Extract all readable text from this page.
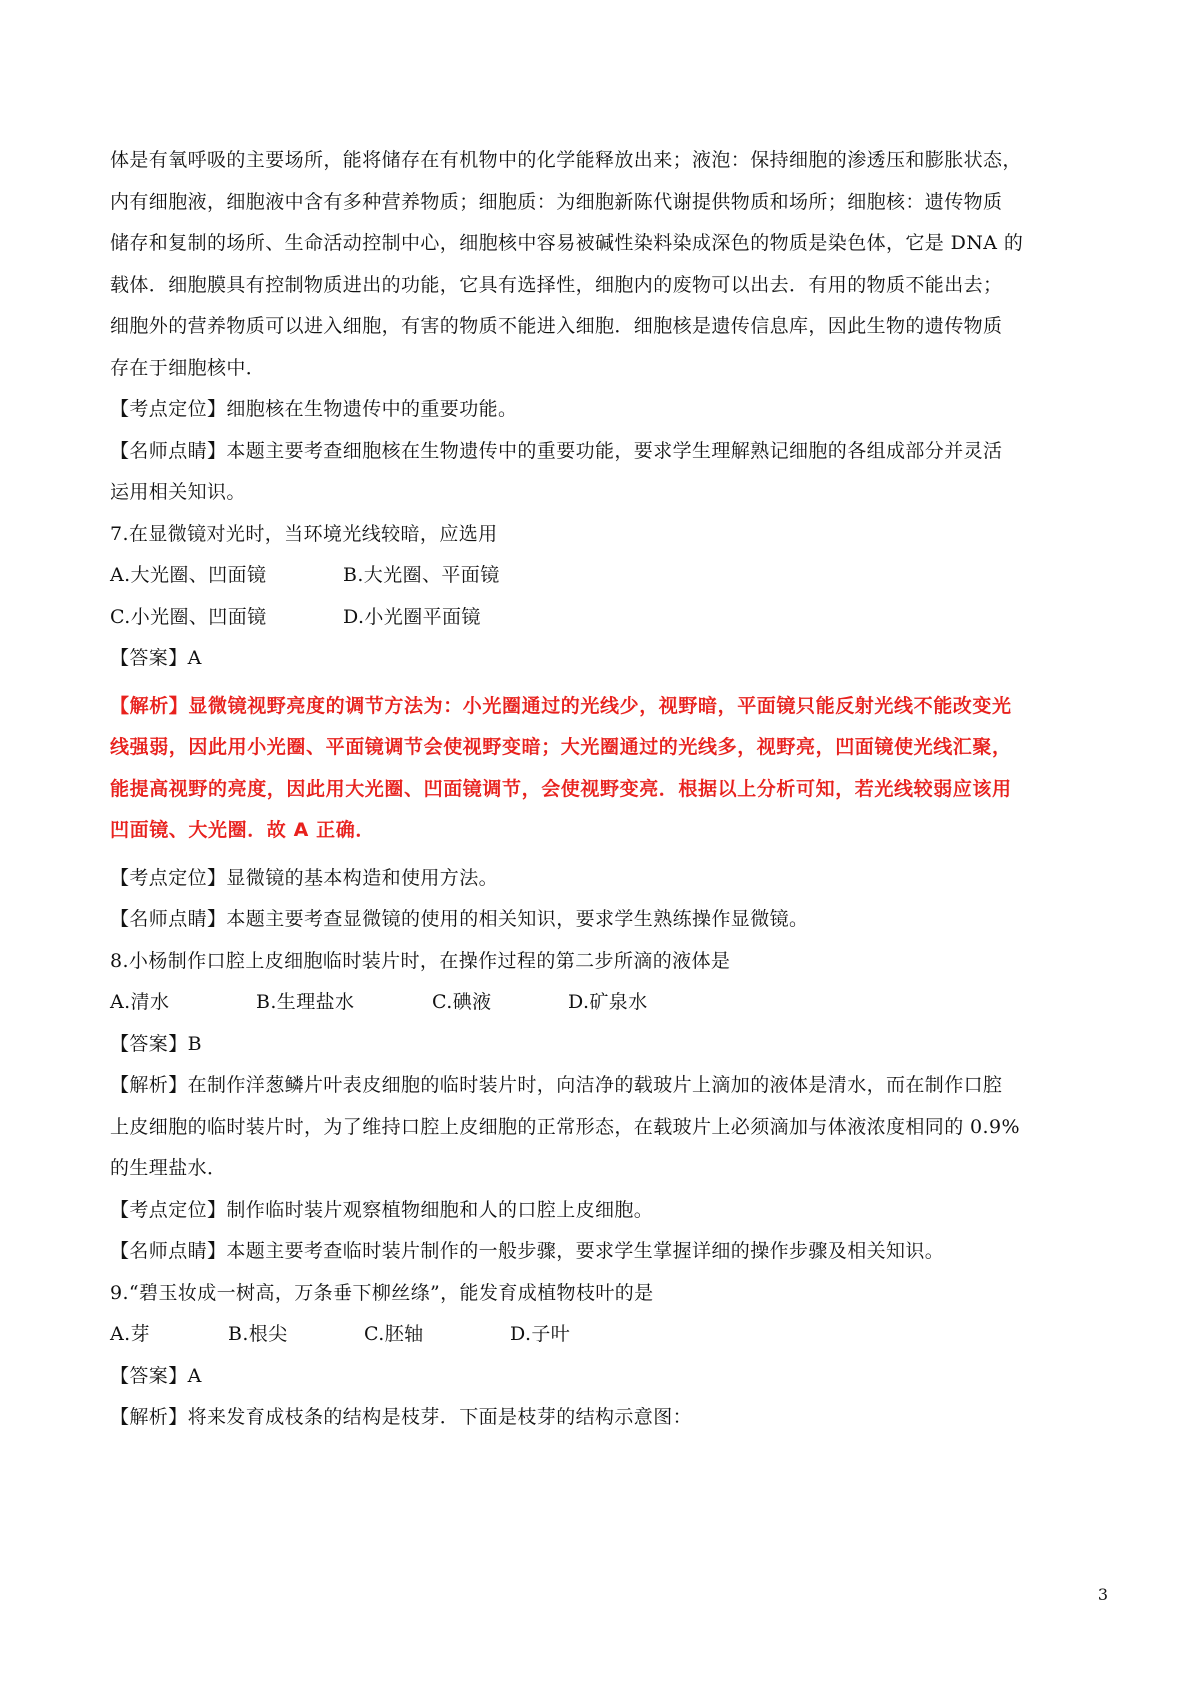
体是有氧呼吸的主要场所，能将储存在有机物中的化学能释放出来；液泡：保持细胞的渗透压和膨胀状态，
内有细胞液，细胞液中含有多种营养物质；细胞质：为细胞新陈代谢提供物质和场所；细胞核：遗传物质
储存和复制的场所、生命活动控制中心，细胞核中容易被碱性染料染成深色的物质是染色体，它是 DNA 的
载体．细胞膜具有控制物质进出的功能，它具有选择性，细胞内的废物可以出去．有用的物质不能出去；
细胞外的营养物质可以进入细胞，有害的物质不能进入细胞．细胞核是遗传信息库，因此生物的遗传物质
存在于细胞核中．
【考点定位】细胞核在生物遗传中的重要功能。
【名师点睛】本题主要考查细胞核在生物遗传中的重要功能，要求学生理解熟记细胞的各组成部分并灵活
运用相关知识。
7.在显微镜对光时，当环境光线较暗，应选用
A.大光圈、凹面镜	B.大光圈、平面镜
C.小光圈、凹面镜	D.小光圈平面镜
【答案】A
【解析】显微镜视野亮度的调节方法为：小光圈通过的光线少，视野暗，平面镜只能反射光线不能改变光
线强弱，因此用小光圈、平面镜调节会使视野变暗；大光圈通过的光线多，视野亮，凹面镜使光线汇聚，
能提高视野的亮度，因此用大光圈、凹面镜调节，会使视野变亮．根据以上分析可知，若光线较弱应该用
凹面镜、大光圈．故 A 正确．
【考点定位】显微镜的基本构造和使用方法。
【名师点睛】本题主要考查显微镜的使用的相关知识，要求学生熟练操作显微镜。
8.小杨制作口腔上皮细胞临时装片时，在操作过程的第二步所滴的液体是
A.清水	B.生理盐水	C.碘液	D.矿泉水
【答案】B
【解析】在制作洋葱鳞片叶表皮细胞的临时装片时，向洁净的载玻片上滴加的液体是清水，而在制作口腔
上皮细胞的临时装片时，为了维持口腔上皮细胞的正常形态，在载玻片上必须滴加与体液浓度相同的 0.9%
的生理盐水．
【考点定位】制作临时装片观察植物细胞和人的口腔上皮细胞。
【名师点睛】本题主要考查临时装片制作的一般步骤，要求学生掌握详细的操作步骤及相关知识。
9.“碧玉妆成一树高，万条垂下柳丝绦”，能发育成植物枝叶的是
A.芽	B.根尖	C.胚轴	D.子叶
【答案】A
【解析】将来发育成枝条的结构是枝芽．下面是枝芽的结构示意图：
3
